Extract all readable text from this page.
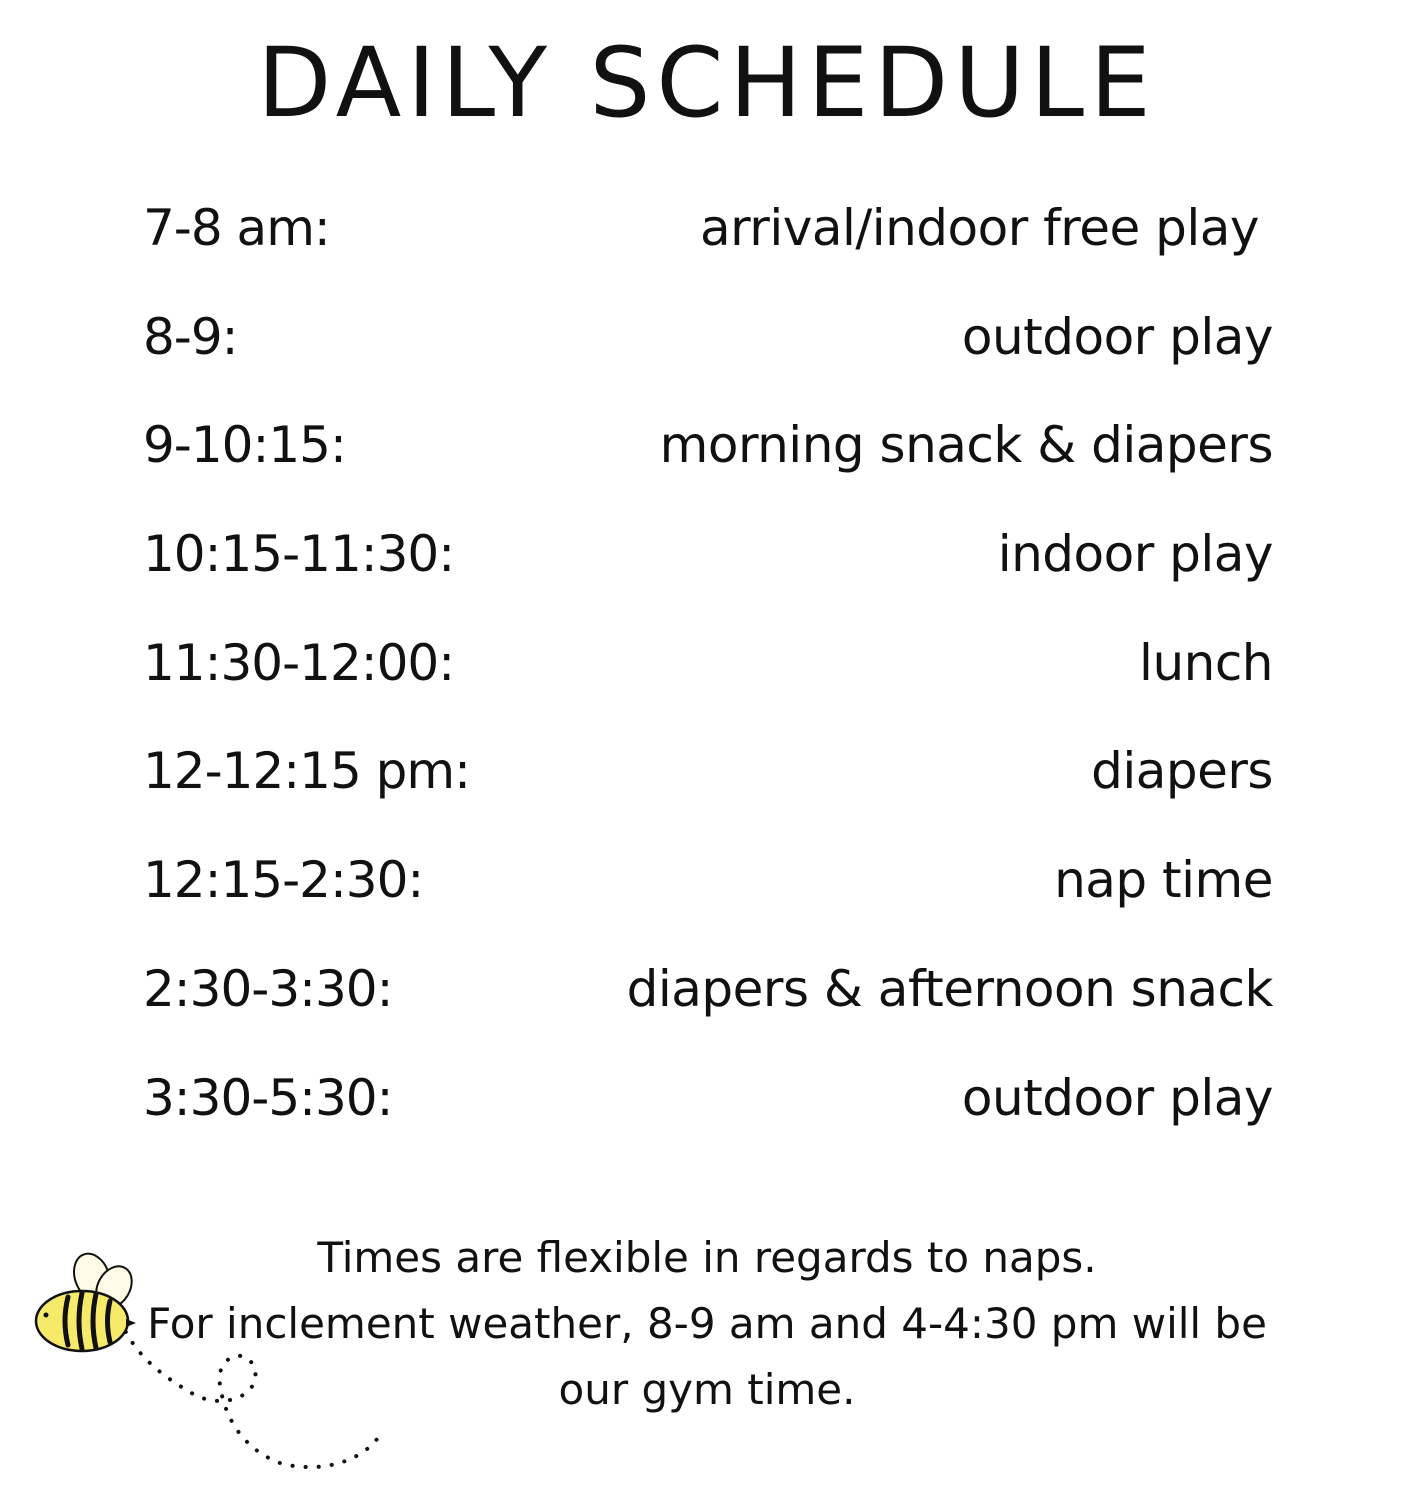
DAILY SCHEDULE
7-8 am:	arrival/indoor free play
8-9:	outdoor play
9-10:15:	morning snack & diapers
10:15-11:30:	indoor play
11:30-12:00:	lunch
12-12:15 pm:	diapers
12:15-2:30:	nap time
2:30-3:30:	diapers & afternoon snack
3:30-5:30:	outdoor play
Times are flexible in regards to naps.
For inclement weather, 8-9 am and 4-4:30 pm will be
our gym time.
